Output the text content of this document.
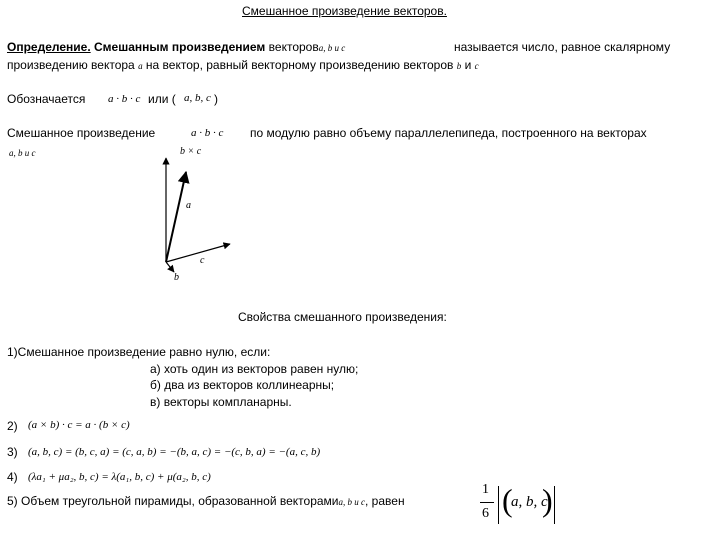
Смешанное произведение векторов.
Определение. Смешанным произведением векторовa, b и c	называется число, равное скалярному
произведению вектора a на вектор, равный векторному произведению векторов b и c
Обозначается a · b · c или ( a, b, c )
Смешанное произведение	a · b · c по модулю равно объему параллелепипеда, построенного на векторах
a, b и c	b × c
a
c
b
Свойства смешанного произведения:
1)Смешанное произведение равно нулю, если:
а) хоть один из векторов равен нулю;
б) два из векторов коллинеарны;
в) векторы компланарны.
2) (a × b) · c = a · (b × c)
3) (a, b, c) = (b, c, a) = (c, a, b) = −(b, a, c) = −(c, b, a) = −(a, c, b)
4) (λa₁ + μa₂, b, c) = λ(a₁, b, c) + μ(a₂, b, c)
5) Объем треугольной пирамиды, образованной векторамиa, b и c, равен
1
6 (
a, b, c
)
